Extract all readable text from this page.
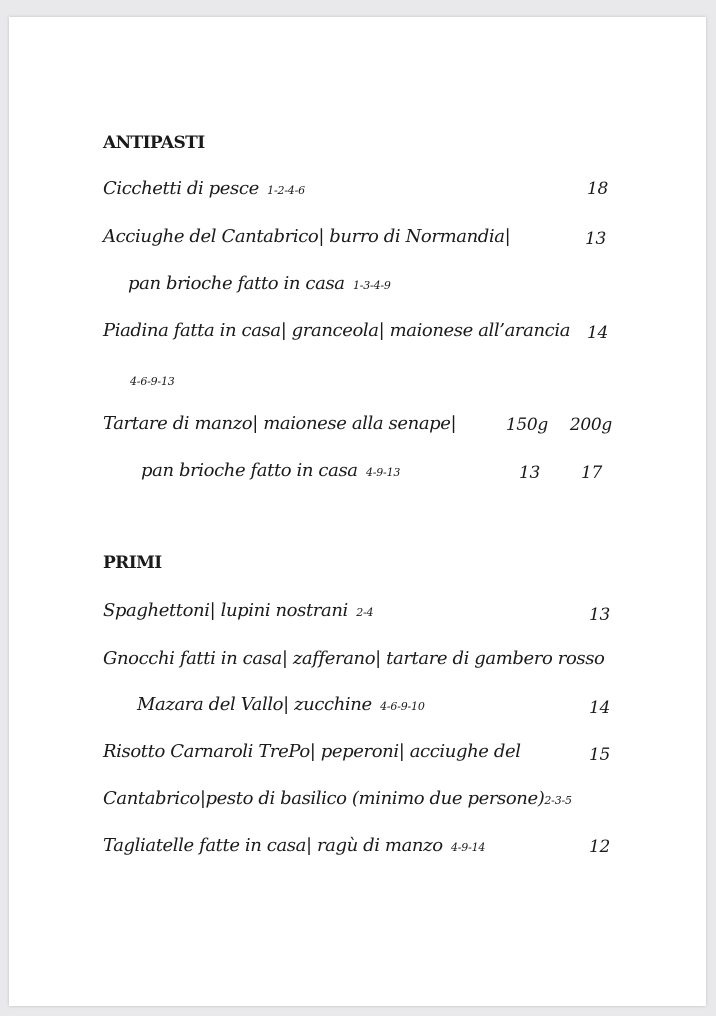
ANTIPASTI
Cicchetti di pesce 1-2-4-6	18
Acciughe del Cantabrico| burro di Normandia|	13
pan brioche fatto in casa 1-3-4-9
Piadina fatta in casa| granceola| maionese all’arancia 14
4-6-9-13
Tartare di manzo| maionese alla senape|	150g	200g
pan brioche fatto in casa 4-9-13	13	17
PRIMI
Spaghettoni| lupini nostrani 2-4	13
Gnocchi fatti in casa| zafferano| tartare di gambero rosso
Mazara del Vallo| zucchine 4-6-9-10	14
Risotto Carnaroli TrePo| peperoni| acciughe del	15
Cantabrico|pesto di basilico (minimo due persone)2-3-5
Tagliatelle fatte in casa| ragù di manzo 4-9-14	12
